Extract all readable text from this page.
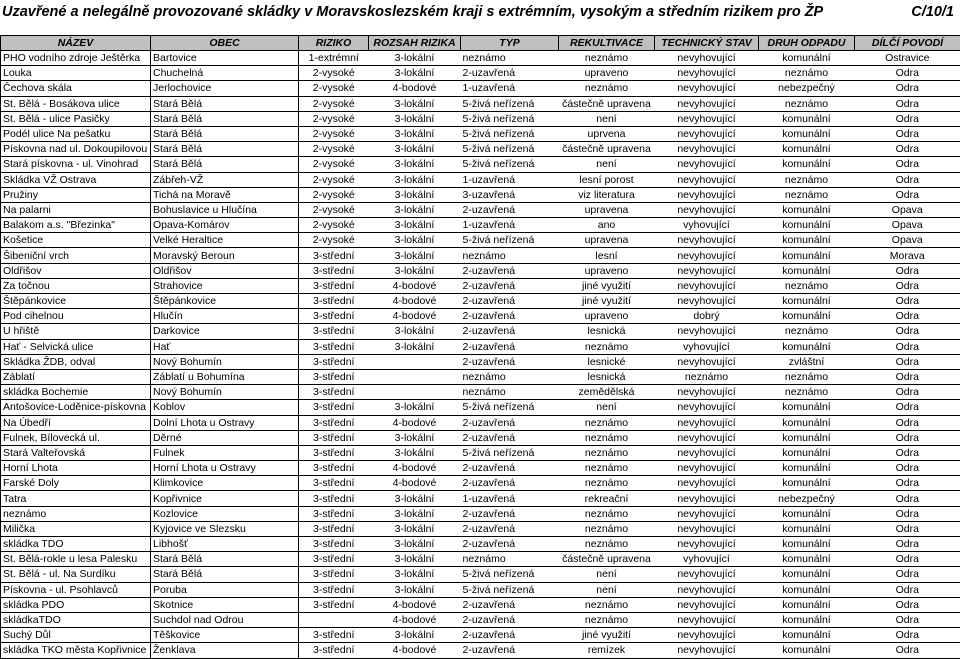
Uzavřené a nelegálně provozované skládky v Moravskoslezském kraji s extrémním, vysokým a středním rizikem pro ŽP	C/10/1
NÁZEV	OBEC	RIZIKO	ROZSAH RIZIKA	TYP	REKULTIVACE	TECHNICKÝ STAV	DRUH ODPADU	DÍLČÍ POVODÍ
PHO vodního zdroje Ještěrka	Bartovice	1-extrémní	3-lokální	neznámo	neznámo	nevyhovující	komunální	Ostravice
Louka	Chuchelná	2-vysoké	3-lokální	2-uzavřená	upraveno	nevyhovující	neznámo	Odra
Čechova skála	Jerlochovice	2-vysoké	4-bodové	1-uzavřená	neznámo	nevyhovující	nebezpečný	Odra
St. Bělá - Bosákova ulice	Stará Bělá	2-vysoké	3-lokální	5-živá neřízená	částečně upravena	nevyhovující	neznámo	Odra
St. Bělá - ulice Pasičky	Stará Bělá	2-vysoké	3-lokální	5-živá neřízená	není	nevyhovující	komunální	Odra
Podél ulice Na pešatku	Stará Bělá	2-vysoké	3-lokální	5-živá neřízená	uprvena	nevyhovující	komunální	Odra
Pískovna nad ul. Dokoupilovou	Stará Bělá	2-vysoké	3-lokální	5-živá neřízená	částečně upravena	nevyhovující	komunální	Odra
Stará pískovna - ul. Vinohrad	Stará Bělá	2-vysoké	3-lokální	5-živá neřízená	není	nevyhovující	komunální	Odra
Skládka VŽ Ostrava	Zábřeh-VŽ	2-vysoké	3-lokální	1-uzavřená	lesní porost	nevyhovující	neznámo	Odra
Pružiny	Tichá na Moravě	2-vysoké	3-lokální	3-uzavřená	viz literatura	nevyhovující	neznámo	Odra
Na palarni	Bohuslavice u Hlučína	2-vysoké	3-lokální	2-uzavřená	upravena	nevyhovující	komunální	Opava
Balakom a.s. "Březinka"	Opava-Komárov	2-vysoké	3-lokální	1-uzavřená	ano	vyhovující	komunální	Opava
Košetice	Velké Heraltice	2-vysoké	3-lokální	5-živá neřízená	upravena	nevyhovující	komunální	Opava
Šibeniční vrch	Moravský Beroun	3-střední	3-lokální	neznámo	lesní	nevyhovující	komunální	Morava
Oldřišov	Oldřišov	3-střední	3-lokální	2-uzavřená	upraveno	nevyhovující	komunální	Odra
Za točnou	Strahovice	3-střední	4-bodové	2-uzavřená	jiné využití	nevyhovující	neznámo	Odra
Štěpánkovice	Štěpánkovice	3-střední	4-bodové	2-uzavřená	jiné využití	nevyhovující	komunální	Odra
Pod cihelnou	Hlučín	3-střední	4-bodové	2-uzavřená	upraveno	dobrý	komunální	Odra
U hřiště	Darkovice	3-střední	3-lokální	2-uzavřená	lesnická	nevyhovující	neznámo	Odra
Hať - Selvická ulice	Hať	3-střední	3-lokální	2-uzavřená	neznámo	vyhovující	komunální	Odra
Skládka ŽDB, odval	Nový Bohumín	3-střední		2-uzavřená	lesnické	nevyhovující	zvláštní	Odra
Záblatí	Záblatí u Bohumína	3-střední		neznámo	lesnická	neznámo	neznámo	Odra
skládka Bochemie	Nový Bohumín	3-střední		neznámo	zemědělská	nevyhovující	neznámo	Odra
Antošovice-Loděnice-pískovna	Koblov	3-střední	3-lokální	5-živá neřízená	není	nevyhovující	komunální	Odra
Na Úbedří	Dolní Lhota u Ostravy	3-střední	4-bodové	2-uzavřená	neznámo	nevyhovující	komunální	Odra
Fulnek, Bílovecká ul.	Děrné	3-střední	3-lokální	2-uzavřená	neznámo	nevyhovující	komunální	Odra
Stará Valteřovská	Fulnek	3-střední	3-lokální	5-živá neřízená	neznámo	nevyhovující	komunální	Odra
Horní Lhota	Horní Lhota u Ostravy	3-střední	4-bodové	2-uzavřená	neznámo	nevyhovující	komunální	Odra
Farské Doly	Klimkovice	3-střední	4-bodové	2-uzavřená	neznámo	nevyhovující	komunální	Odra
Tatra	Kopřivnice	3-střední	3-lokální	1-uzavřená	rekreační	nevyhovující	nebezpečný	Odra
neznámo	Kozlovice	3-střední	3-lokální	2-uzavřená	neznámo	nevyhovující	komunální	Odra
Milička	Kyjovice ve Slezsku	3-střední	3-lokální	2-uzavřená	neznámo	nevyhovující	komunální	Odra
skládka TDO	Libhošť	3-střední	3-lokální	2-uzavřená	neznámo	nevyhovující	komunální	Odra
St. Bělá-rokle u lesa Palesku	Stará Bělá	3-střední	3-lokální	neznámo	částečně upravena	vyhovující	komunální	Odra
St. Bělá - ul. Na Surdíku	Stará Bělá	3-střední	3-lokální	5-živá neřízená	není	nevyhovující	komunální	Odra
Pískovna - ul. Psohlavců	Poruba	3-střední	3-lokální	5-živá neřízená	není	nevyhovující	komunální	Odra
skládka PDO	Skotnice	3-střední	4-bodové	2-uzavřená	neznámo	nevyhovující	komunální	Odra
skládkaTDO	Suchdol nad Odrou		4-bodové	2-uzavřená	neznámo	nevyhovující	komunální	Odra
Suchý Důl	Těškovice	3-střední	3-lokální	2-uzavřená	jiné využití	nevyhovující	komunální	Odra
skládka TKO města Kopřivnice	Ženklava	3-střední	4-bodové	2-uzavřená	remízek	nevyhovující	komunální	Odra
